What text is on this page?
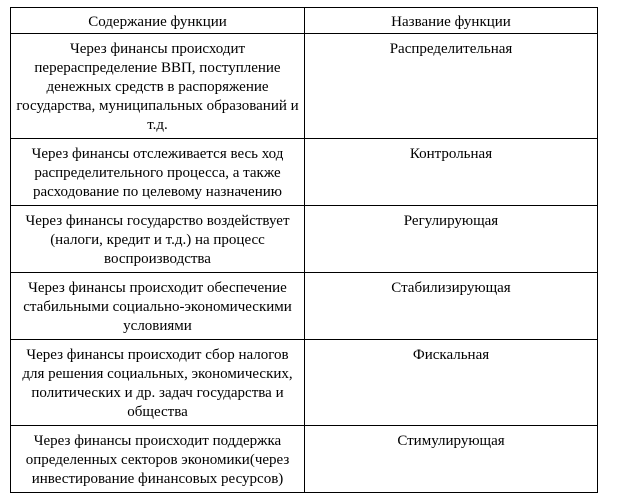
Содержание функции	Название функции
Через финансы происходит перераспределение ВВП, поступление денежных средств в распоряжение государства, муниципальных образований и т.д.	Распределительная
Через финансы отслеживается весь ход распределительного процесса, а также расходование по целевому назначению	Контрольная
Через финансы государство воздействует (налоги, кредит и т.д.) на процесс воспроизводства	Регулирующая
Через финансы происходит обеспечение стабильными социально-экономическими условиями	Стабилизирующая
Через финансы происходит сбор налогов для решения социальных, экономических, политических и др. задач государства и общества	Фискальная
Через финансы происходит поддержка определенных секторов экономики(через инвестирование финансовых ресурсов)	Стимулирующая
